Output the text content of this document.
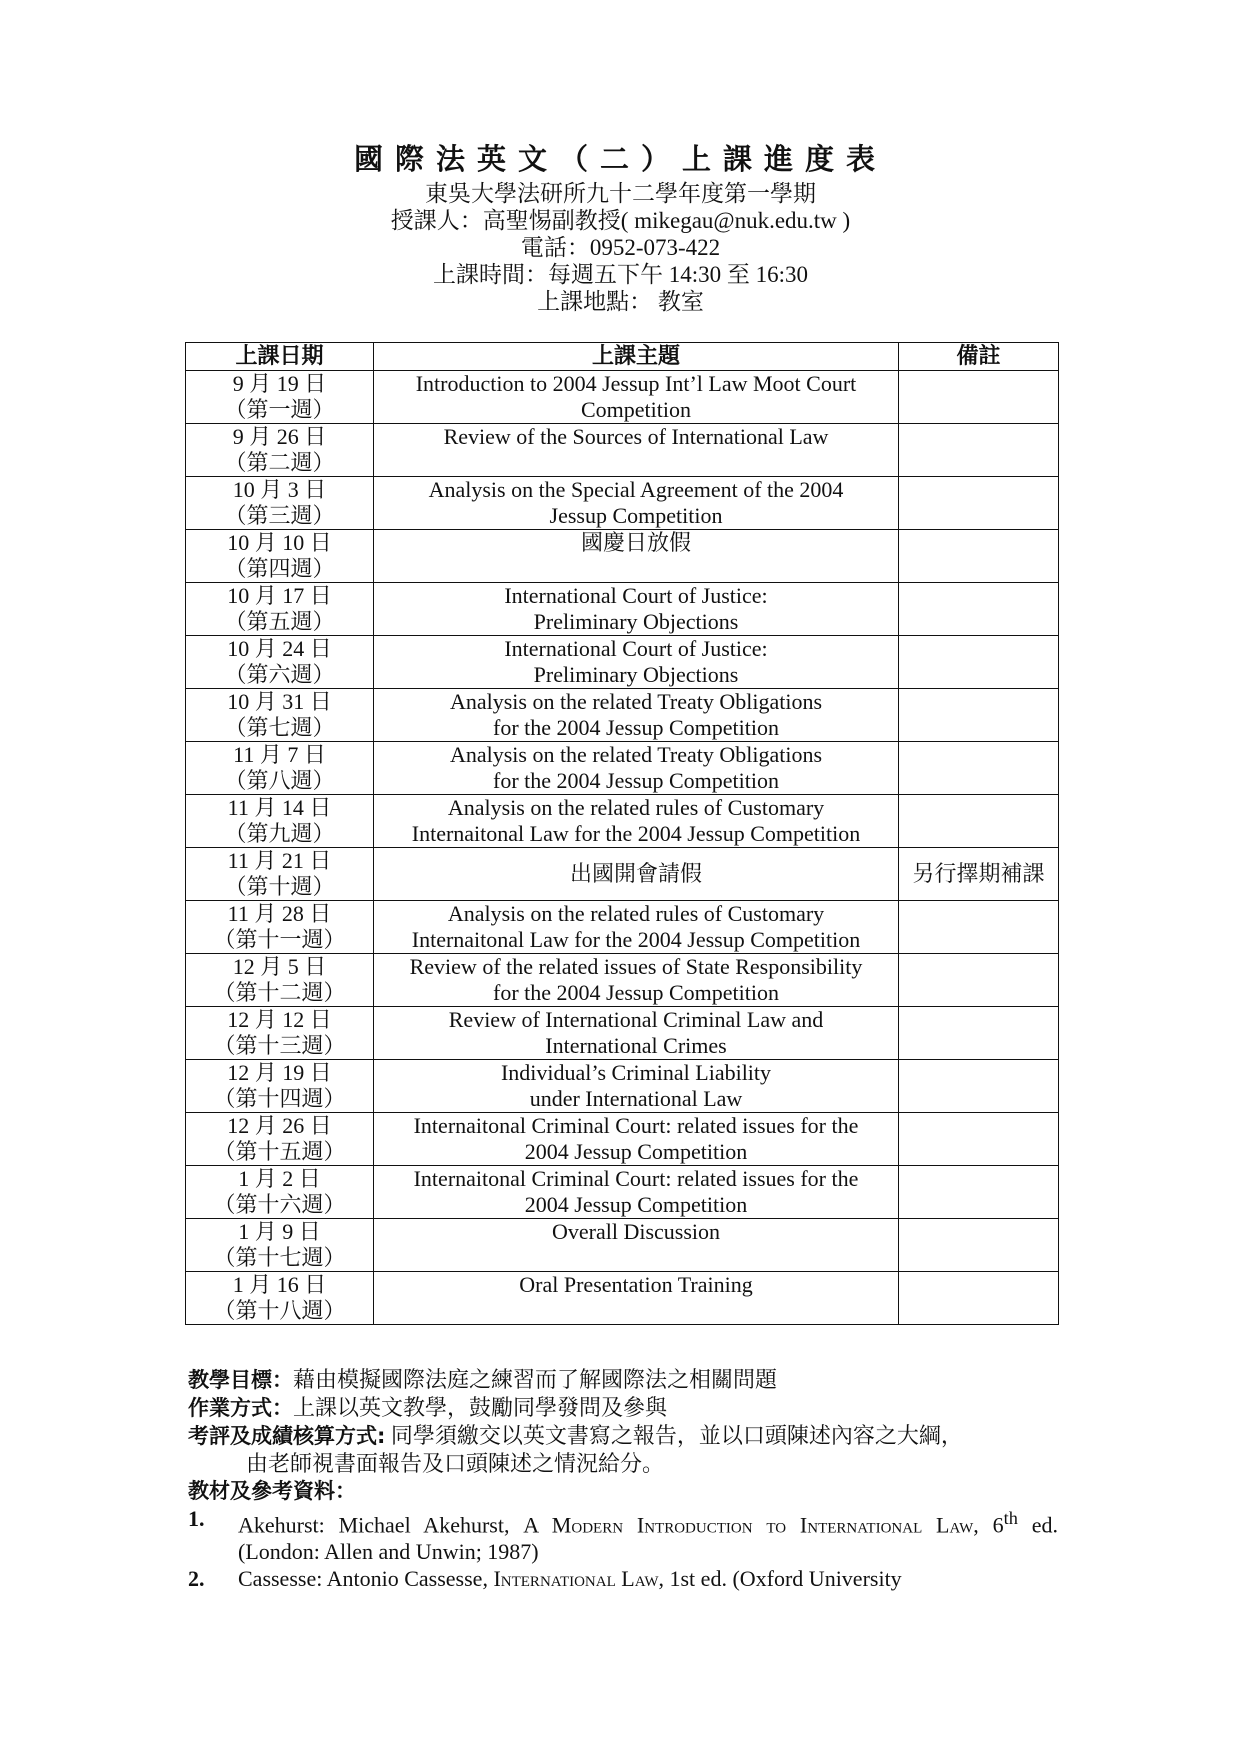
國際法英文（二）上課進度表

東吳大學法研所九十二學年度第一學期

授課人：高聖惕副教授( mikegau@nuk.edu.tw )

電話：0952-073-422

上課時間：每週五下午 14:30 至 16:30

上課地點： 教室

上課日期	上課主題	備註

9 月 19 日
（第一週）	Introduction to 2004 Jessup Int’l Law Moot Court
Competition	

9 月 26 日
（第二週）	Review of the Sources of International Law	

10 月 3 日
（第三週）	Analysis on the Special Agreement of the 2004
Jessup Competition	

10 月 10 日
（第四週）	國慶日放假	

10 月 17 日
（第五週）	International Court of Justice:
Preliminary Objections	

10 月 24 日
（第六週）	International Court of Justice:
Preliminary Objections	

10 月 31 日
（第七週）	Analysis on the related Treaty Obligations
for the 2004 Jessup Competition	

11 月 7 日
（第八週）	Analysis on the related Treaty Obligations
for the 2004 Jessup Competition	

11 月 14 日
（第九週）	Analysis on the related rules of Customary
Internaitonal Law for the 2004 Jessup Competition	

11 月 21 日
（第十週）	出國開會請假	另行擇期補課

11 月 28 日
（第十一週）	Analysis on the related rules of Customary
Internaitonal Law for the 2004 Jessup Competition	

12 月 5 日
（第十二週）	Review of the related issues of State Responsibility
for the 2004 Jessup Competition	

12 月 12 日
（第十三週）	Review of International Criminal Law and
International Crimes	

12 月 19 日
（第十四週）	Individual’s Criminal Liability
under International Law	

12 月 26 日
（第十五週）	Internaitonal Criminal Court: related issues for the
2004 Jessup Competition	

1 月 2 日
（第十六週）	Internaitonal Criminal Court: related issues for the
2004 Jessup Competition	

1 月 9 日
（第十七週）	Overall Discussion	

1 月 16 日
（第十八週）	Oral Presentation Training	

教學目標：藉由模擬國際法庭之練習而了解國際法之相關問題

作業方式：上課以英文教學，鼓勵同學發問及參與

考評及成績核算方式: 同學須繳交以英文書寫之報告，並以口頭陳述內容之大綱，

由老師視書面報告及口頭陳述之情況給分。

教材及參考資料：

1.	Akehurst: Michael Akehurst, A Modern Introduction to International Law, 6th ed. (London: Allen and Unwin; 1987)
2.	Cassesse: Antonio Cassesse, International Law, 1st ed. (Oxford University
